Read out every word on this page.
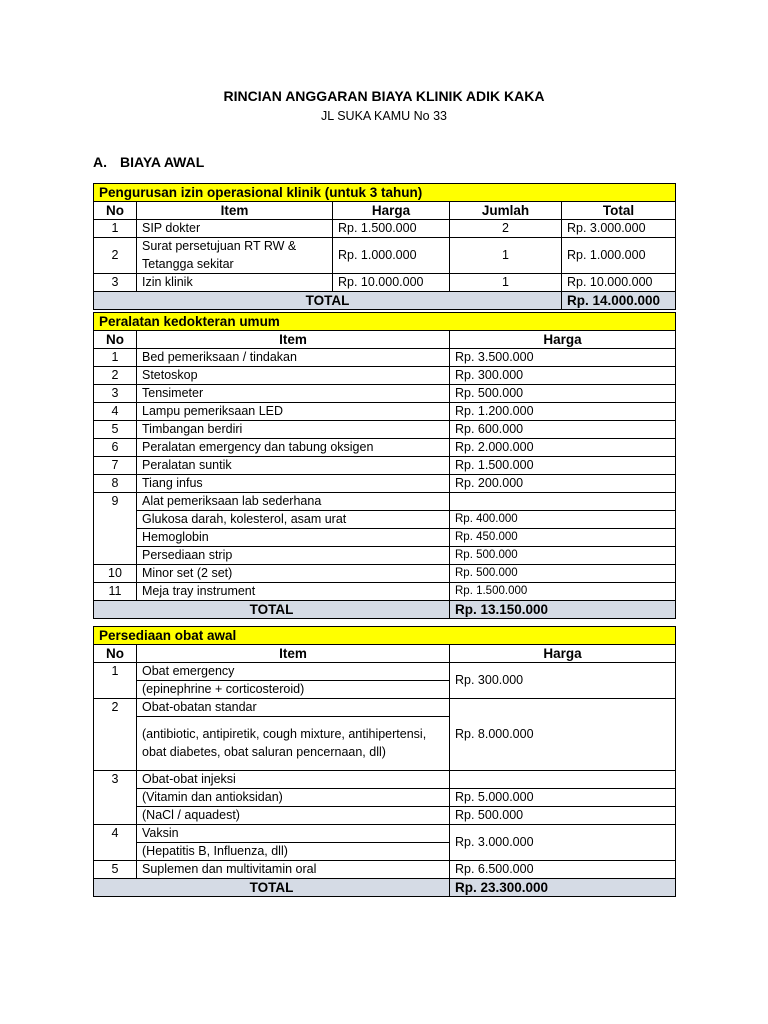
RINCIAN ANGGARAN BIAYA KLINIK ADIK KAKA
JL SUKA KAMU No 33
A. BIAYA AWAL
Pengurusan izin operasional klinik (untuk 3 tahun)				
No	Item	Harga	Jumlah	Total
1	SIP dokter	Rp. 1.500.000	2	Rp. 3.000.000
2	Surat persetujuan RT RW & Tetangga sekitar	Rp. 1.000.000	1	Rp. 1.000.000
3	Izin klinik	Rp. 10.000.000	1	Rp. 10.000.000
TOTAL				Rp. 14.000.000
Peralatan kedokteran umum		
No	Item	Harga
1	Bed pemeriksaan / tindakan	Rp. 3.500.000
2	Stetoskop	Rp. 300.000
3	Tensimeter	Rp. 500.000
4	Lampu pemeriksaan LED	Rp. 1.200.000
5	Timbangan berdiri	Rp. 600.000
6	Peralatan emergency dan tabung oksigen	Rp. 2.000.000
7	Peralatan suntik	Rp. 1.500.000
8	Tiang infus	Rp. 200.000
9	Alat pemeriksaan lab sederhana	
	Glukosa darah, kolesterol, asam urat	Rp. 400.000
	Hemoglobin	Rp. 450.000
	Persediaan strip	Rp. 500.000
10	Minor set (2 set)	Rp. 500.000
11	Meja tray instrument	Rp. 1.500.000
TOTAL		Rp. 13.150.000
Persediaan obat awal		
No	Item	Harga
1	Obat emergency	Rp. 300.000
	(epinephrine + corticosteroid)	
2	Obat-obatan standar	Rp. 8.000.000
	(antibiotic, antipiretik, cough mixture, antihipertensi, obat diabetes, obat saluran pencernaan, dll)	
3	Obat-obat injeksi	
	(Vitamin dan antioksidan)	Rp. 5.000.000
	(NaCl / aquadest)	Rp. 500.000
4	Vaksin	Rp. 3.000.000
	(Hepatitis B, Influenza, dll)	
5	Suplemen dan multivitamin oral	Rp. 6.500.000
TOTAL		Rp. 23.300.000
